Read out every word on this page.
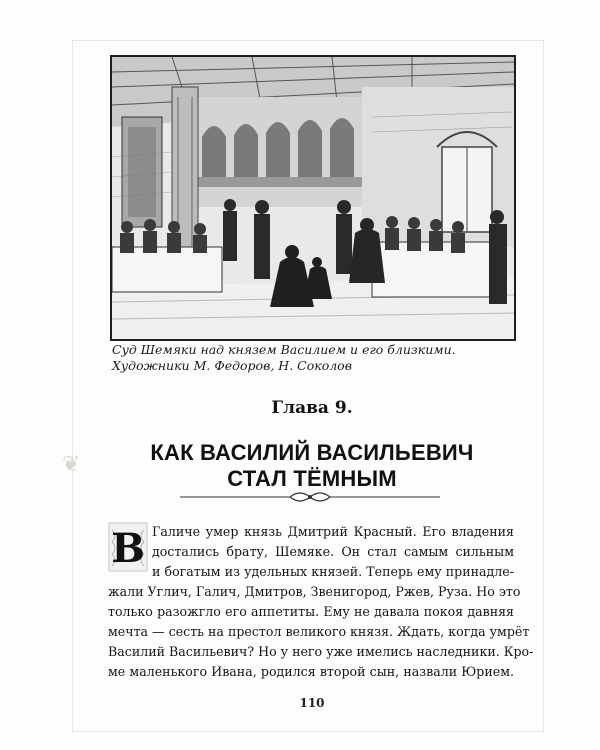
❦
Суд Шемяки над князем Василием и его близкими.
Художники М. Федоров, Н. Соколов
Глава 9.
КАК ВАСИЛИЙ ВАСИЛЬЕВИЧ
СТАЛ ТЁМНЫМ
В Галиче умер князь Дмитрий Красный. Его владения
достались брату, Шемяке. Он стал самым сильным
и богатым из удельных князей. Теперь ему принадле-
жали Углич, Галич, Дмитров, Звенигород, Ржев, Руза. Но это
только разожгло его аппетиты. Ему не давала покоя давняя
мечта — сесть на престол великого князя. Ждать, когда умрёт
Василий Васильевич? Но у него уже имелись наследники. Кро-
ме маленького Ивана, родился второй сын, назвали Юрием.
110
